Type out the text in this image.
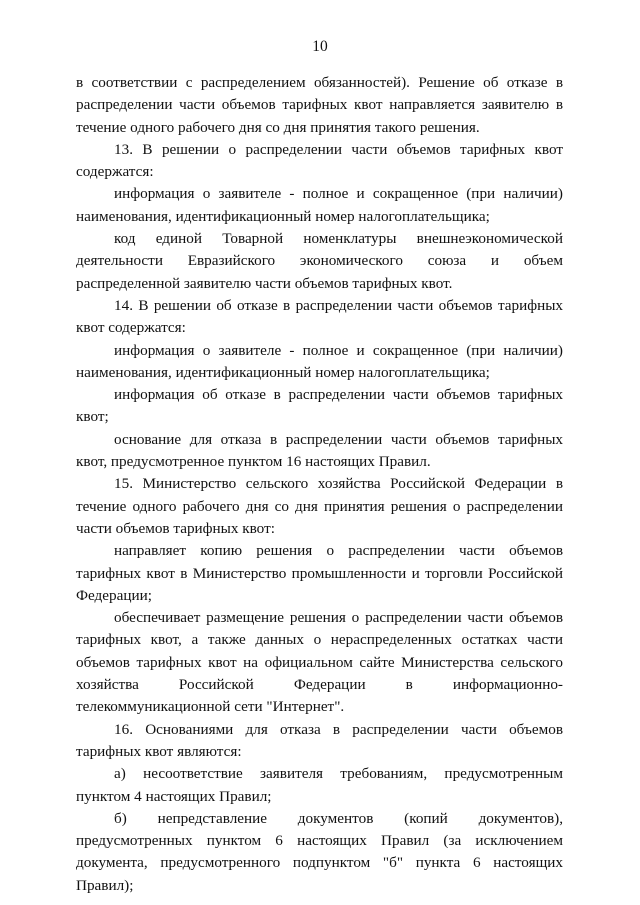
10

в соответствии с распределением обязанностей). Решение об отказе в распределении части объемов тарифных квот направляется заявителю в течение одного рабочего дня со дня принятия такого решения.

13. В решении о распределении части объемов тарифных квот содержатся:

информация о заявителе - полное и сокращенное (при наличии) наименования, идентификационный номер налогоплательщика;

код единой Товарной номенклатуры внешнеэкономической деятельности Евразийского экономического союза и объем распределенной заявителю части объемов тарифных квот.

14. В решении об отказе в распределении части объемов тарифных квот содержатся:

информация о заявителе - полное и сокращенное (при наличии) наименования, идентификационный номер налогоплательщика;

информация об отказе в распределении части объемов тарифных квот;

основание для отказа в распределении части объемов тарифных квот, предусмотренное пунктом 16 настоящих Правил.

15. Министерство сельского хозяйства Российской Федерации в течение одного рабочего дня со дня принятия решения о распределении части объемов тарифных квот:

направляет копию решения о распределении части объемов тарифных квот в Министерство промышленности и торговли Российской Федерации;

обеспечивает размещение решения о распределении части объемов тарифных квот, а также данных о нераспределенных остатках части объемов тарифных квот на официальном сайте Министерства сельского хозяйства Российской Федерации в информационно-телекоммуникационной сети "Интернет".

16. Основаниями для отказа в распределении части объемов тарифных квот являются:

а) несоответствие заявителя требованиям, предусмотренным пунктом 4 настоящих Правил;

б) непредставление документов (копий документов), предусмотренных пунктом 6 настоящих Правил (за исключением документа, предусмотренного подпунктом "б" пункта 6 настоящих Правил);
